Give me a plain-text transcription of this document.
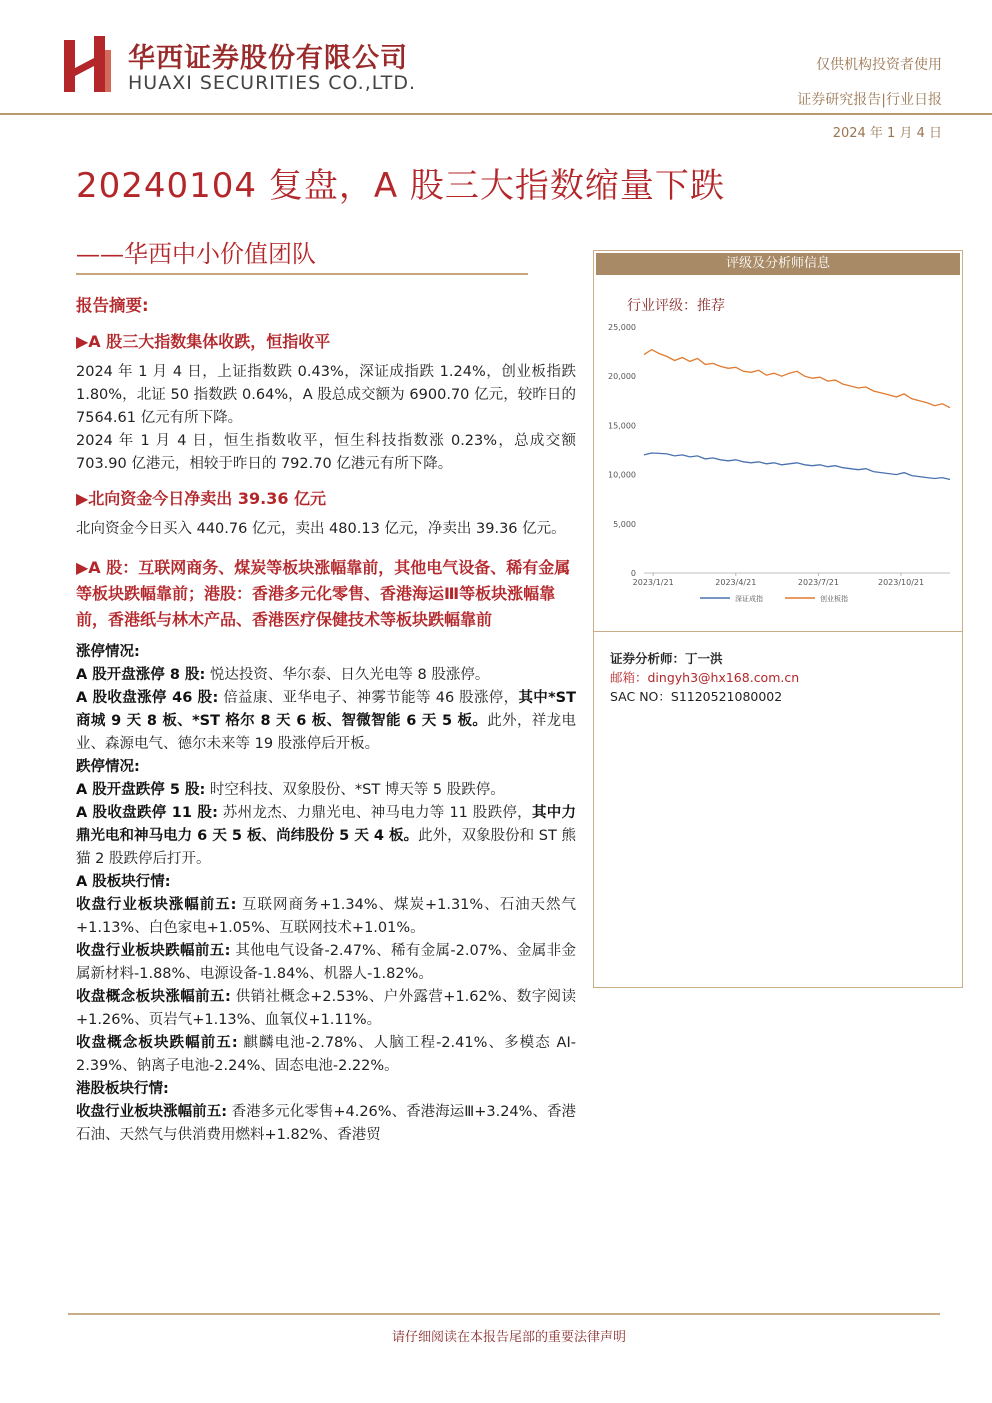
华西证券股份有限公司
HUAXI SECURITIES CO.,LTD.
仅供机构投资者使用
证券研究报告|行业日报
2024 年 1 月 4 日
20240104 复盘，A 股三大指数缩量下跌
——华西中小价值团队

报告摘要:

▶A 股三大指数集体收跌，恒指收平

2024 年 1 月 4 日，上证指数跌 0.43%，深证成指跌 1.24%，创业板指跌 1.80%，北证 50 指数跌 0.64%，A 股总成交额为 6900.70 亿元，较昨日的 7564.61 亿元有所下降。

2024 年 1 月 4 日，恒生指数收平，恒生科技指数涨 0.23%，总成交额 703.90 亿港元，相较于昨日的 792.70 亿港元有所下降。

▶北向资金今日净卖出 39.36 亿元

北向资金今日买入 440.76 亿元，卖出 480.13 亿元，净卖出 39.36 亿元。

▶A 股：互联网商务、煤炭等板块涨幅靠前，其他电气设备、稀有金属等板块跌幅靠前；港股：香港多元化零售、香港海运Ⅲ等板块涨幅靠前，香港纸与林木产品、香港医疗保健技术等板块跌幅靠前

涨停情况:

A 股开盘涨停 8 股: 悦达投资、华尔泰、日久光电等 8 股涨停。

A 股收盘涨停 46 股: 倍益康、亚华电子、神雾节能等 46 股涨停，其中*ST 商城 9 天 8 板、*ST 格尔 8 天 6 板、智微智能 6 天 5 板。此外，祥龙电业、森源电气、德尔未来等 19 股涨停后开板。

跌停情况:

A 股开盘跌停 5 股: 时空科技、双象股份、*ST 博天等 5 股跌停。

A 股收盘跌停 11 股: 苏州龙杰、力鼎光电、神马电力等 11 股跌停，其中力鼎光电和神马电力 6 天 5 板、尚纬股份 5 天 4 板。此外，双象股份和 ST 熊猫 2 股跌停后打开。

A 股板块行情:

收盘行业板块涨幅前五: 互联网商务+1.34%、煤炭+1.31%、石油天然气+1.13%、白色家电+1.05%、互联网技术+1.01%。

收盘行业板块跌幅前五: 其他电气设备-2.47%、稀有金属-2.07%、金属非金属新材料-1.88%、电源设备-1.84%、机器人-1.82%。

收盘概念板块涨幅前五: 供销社概念+2.53%、户外露营+1.62%、数字阅读+1.26%、页岩气+1.13%、血氧仪+1.11%。

收盘概念板块跌幅前五: 麒麟电池-2.78%、人脑工程-2.41%、多模态 AI-2.39%、钠离子电池-2.24%、固态电池-2.22%。

港股板块行情:

收盘行业板块涨幅前五: 香港多元化零售+4.26%、香港海运Ⅲ+3.24%、香港石油、天然气与供消费用燃料+1.82%、香港贸

评级及分析师信息
行业评级：推荐
25,000
20,000
15,000
10,000
5,000
0
2023/1/21	2023/4/21	2023/7/21	2023/10/21
深证成指	创业板指
证券分析师：丁一洪
邮箱：dingyh3@hx168.com.cn
SAC NO：S1120521080002
请仔细阅读在本报告尾部的重要法律声明
